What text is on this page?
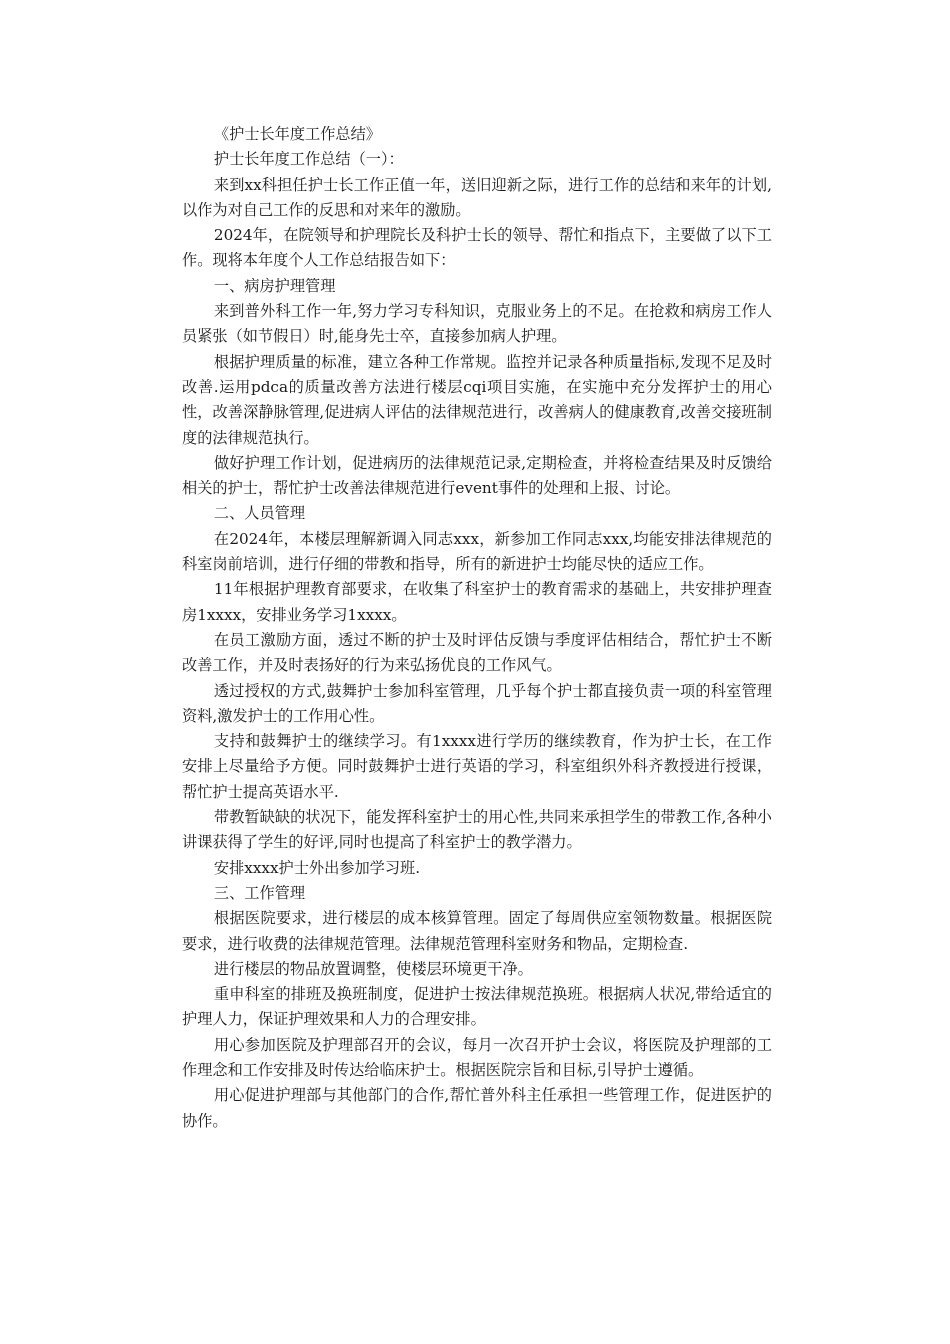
《护士长年度工作总结》

护士长年度工作总结（一）：

来到xx科担任护士长工作正值一年，送旧迎新之际，进行工作的总结和来年的计划,以作为对自己工作的反思和对来年的激励。

2024年，在院领导和护理院长及科护士长的领导、帮忙和指点下，主要做了以下工作。现将本年度个人工作总结报告如下：

一、病房护理管理

来到普外科工作一年,努力学习专科知识，克服业务上的不足。在抢救和病房工作人员紧张（如节假日）时,能身先士卒，直接参加病人护理。

根据护理质量的标准，建立各种工作常规。监控并记录各种质量指标,发现不足及时改善.运用pdca的质量改善方法进行楼层cqi项目实施，在实施中充分发挥护士的用心性，改善深静脉管理,促进病人评估的法律规范进行，改善病人的健康教育,改善交接班制度的法律规范执行。

做好护理工作计划，促进病历的法律规范记录,定期检查，并将检查结果及时反馈给相关的护士，帮忙护士改善法律规范进行event事件的处理和上报、讨论。

二、人员管理

在2024年，本楼层理解新调入同志xxx，新参加工作同志xxx,均能安排法律规范的科室岗前培训，进行仔细的带教和指导，所有的新进护士均能尽快的适应工作。

11年根据护理教育部要求，在收集了科室护士的教育需求的基础上，共安排护理查房1xxxx，安排业务学习1xxxx。

在员工激励方面，透过不断的护士及时评估反馈与季度评估相结合，帮忙护士不断改善工作，并及时表扬好的行为来弘扬优良的工作风气。

透过授权的方式,鼓舞护士参加科室管理，几乎每个护士都直接负责一项的科室管理资料,激发护士的工作用心性。

支持和鼓舞护士的继续学习。有1xxxx进行学历的继续教育，作为护士长，在工作安排上尽量给予方便。同时鼓舞护士进行英语的学习，科室组织外科齐教授进行授课，帮忙护士提高英语水平.

带教暂缺缺的状况下，能发挥科室护士的用心性,共同来承担学生的带教工作,各种小讲课获得了学生的好评,同时也提高了科室护士的教学潜力。

安排xxxx护士外出参加学习班.

三、工作管理

根据医院要求，进行楼层的成本核算管理。固定了每周供应室领物数量。根据医院要求，进行收费的法律规范管理。法律规范管理科室财务和物品，定期检查.

进行楼层的物品放置调整，使楼层环境更干净。

重申科室的排班及换班制度，促进护士按法律规范换班。根据病人状况,带给适宜的护理人力，保证护理效果和人力的合理安排。

用心参加医院及护理部召开的会议，每月一次召开护士会议，将医院及护理部的工作理念和工作安排及时传达给临床护士。根据医院宗旨和目标,引导护士遵循。

用心促进护理部与其他部门的合作,帮忙普外科主任承担一些管理工作，促进医护的协作。
